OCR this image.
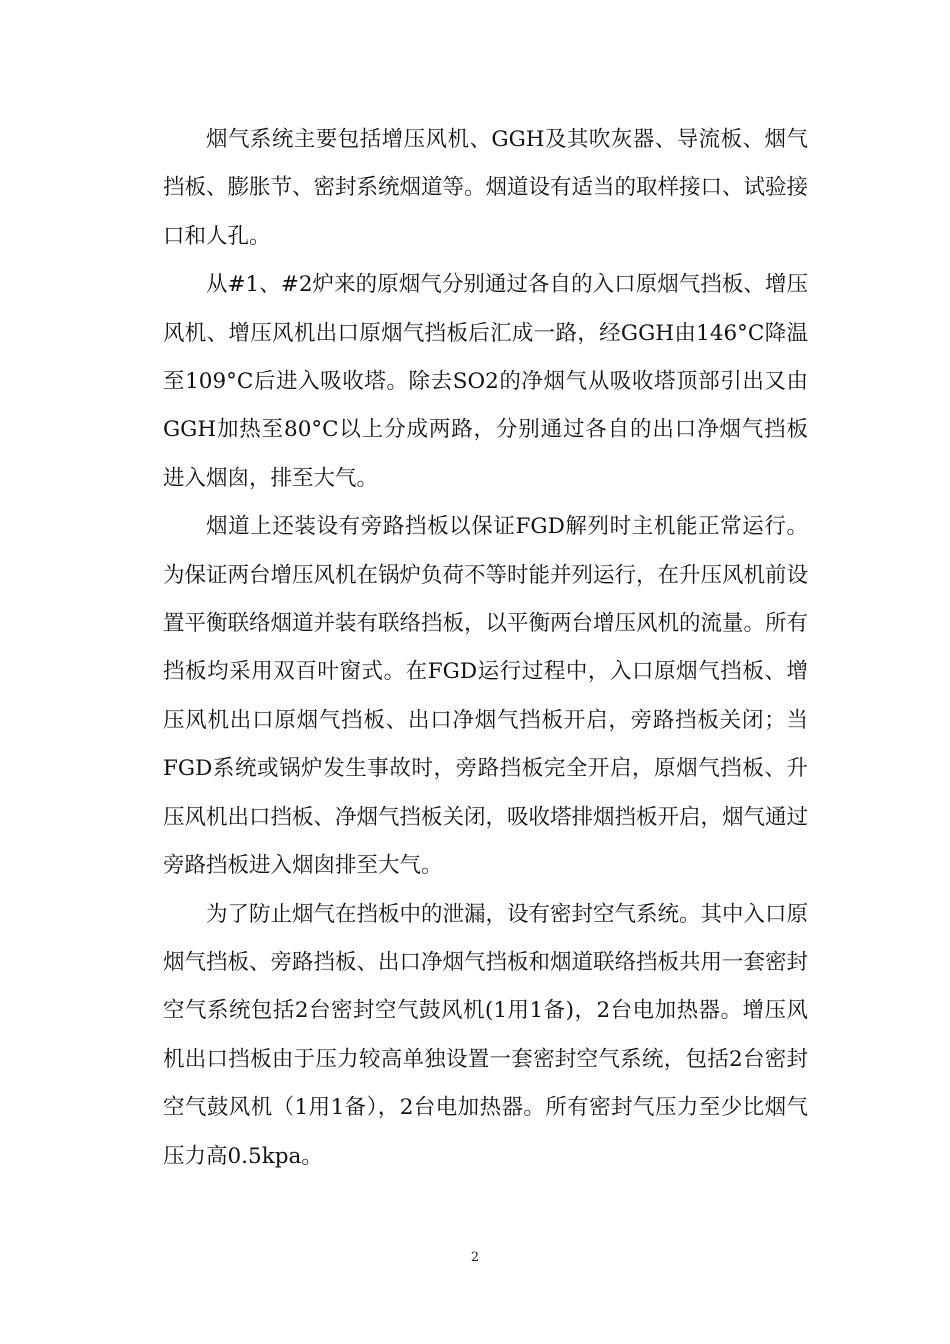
烟气系统主要包括增压风机、GGH及其吹灰器、导流板、烟气挡板、膨胀节、密封系统烟道等。烟道设有适当的取样接口、试验接口和人孔。

从#1、#2炉来的原烟气分别通过各自的入口原烟气挡板、增压风机、增压风机出口原烟气挡板后汇成一路，经GGH由146°C降温至109°C后进入吸收塔。除去SO2的净烟气从吸收塔顶部引出又由GGH加热至80°C以上分成两路，分别通过各自的出口净烟气挡板进入烟囱，排至大气。

烟道上还装设有旁路挡板以保证FGD解列时主机能正常运行。为保证两台增压风机在锅炉负荷不等时能并列运行，在升压风机前设置平衡联络烟道并装有联络挡板，以平衡两台增压风机的流量。所有挡板均采用双百叶窗式。在FGD运行过程中，入口原烟气挡板、增压风机出口原烟气挡板、出口净烟气挡板开启，旁路挡板关闭；当FGD系统或锅炉发生事故时，旁路挡板完全开启，原烟气挡板、升压风机出口挡板、净烟气挡板关闭，吸收塔排烟挡板开启，烟气通过旁路挡板进入烟囱排至大气。

为了防止烟气在挡板中的泄漏，设有密封空气系统。其中入口原烟气挡板、旁路挡板、出口净烟气挡板和烟道联络挡板共用一套密封空气系统包括2台密封空气鼓风机(1用1备)，2台电加热器。增压风机出口挡板由于压力较高单独设置一套密封空气系统，包括2台密封空气鼓风机（1用1备），2台电加热器。所有密封气压力至少比烟气压力高0.5kpa。

2
